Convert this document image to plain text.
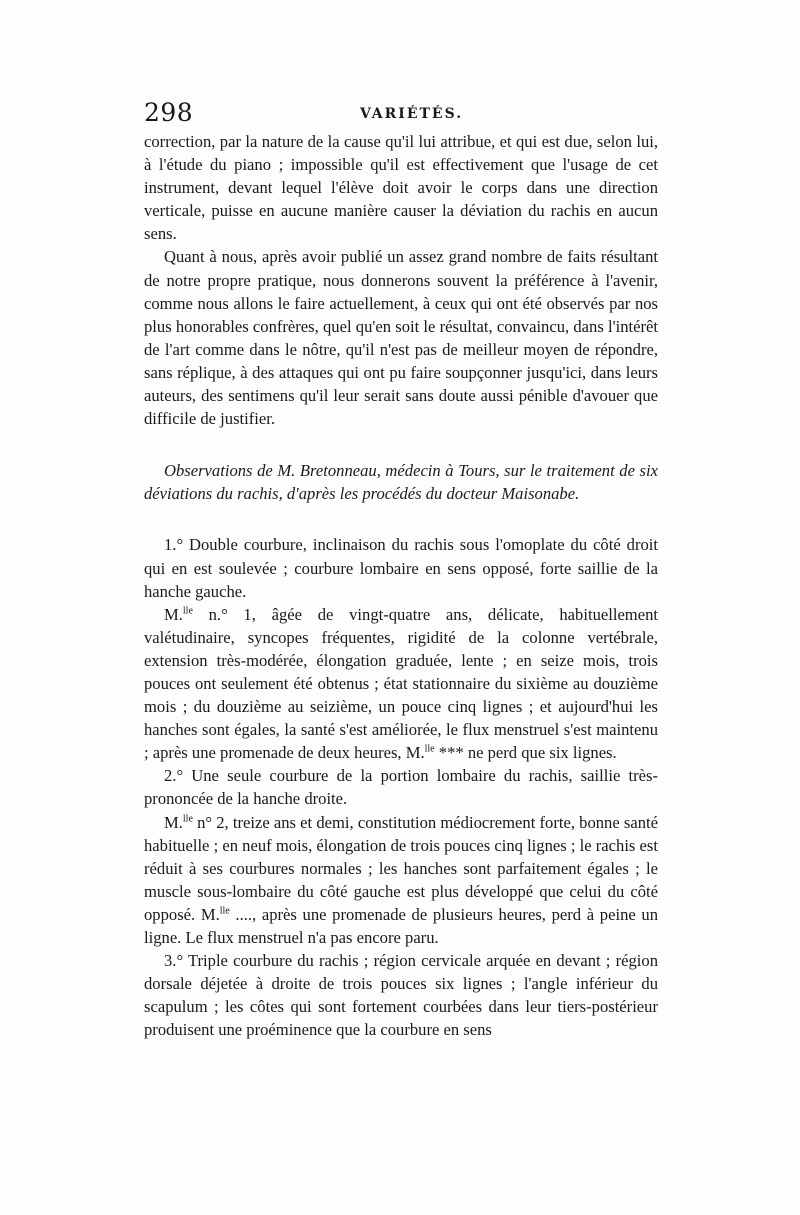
298	VARIÉTÉS.

correction, par la nature de la cause qu'il lui attribue, et qui est due, selon lui, à l'étude du piano ; impossible qu'il est effectivement que l'usage de cet instrument, devant lequel l'élève doit avoir le corps dans une direction verticale, puisse en aucune manière causer la déviation du rachis en aucun sens.

Quant à nous, après avoir publié un assez grand nombre de faits résultant de notre propre pratique, nous donnerons souvent la préférence à l'avenir, comme nous allons le faire actuellement, à ceux qui ont été observés par nos plus honorables confrères, quel qu'en soit le résultat, convaincu, dans l'intérêt de l'art comme dans le nôtre, qu'il n'est pas de meilleur moyen de répondre, sans réplique, à des attaques qui ont pu faire soupçonner jusqu'ici, dans leurs auteurs, des sentimens qu'il leur serait sans doute aussi pénible d'avouer que difficile de justifier.

Observations de M. Bretonneau, médecin à Tours, sur le traitement de six déviations du rachis, d'après les procédés du docteur Maisonabe.

1.° Double courbure, inclinaison du rachis sous l'omoplate du côté droit qui en est soulevée ; courbure lombaire en sens opposé, forte saillie de la hanche gauche.

M.$^{lle}$ n.° 1, âgée de vingt-quatre ans, délicate, habituellement valétudinaire, syncopes fréquentes, rigidité de la colonne vertébrale, extension très-modérée, élongation graduée, lente ; en seize mois, trois pouces ont seulement été obtenus ; état stationnaire du sixième au douzième mois ; du douzième au seizième, un pouce cinq lignes ; et aujourd'hui les hanches sont égales, la santé s'est améliorée, le flux menstruel s'est maintenu ; après une promenade de deux heures, M.$^{lle}$ *** ne perd que six lignes.

2.° Une seule courbure de la portion lombaire du rachis, saillie très-prononcée de la hanche droite.

M.$^{lle}$ n° 2, treize ans et demi, constitution médiocrement forte, bonne santé habituelle ; en neuf mois, élongation de trois pouces cinq lignes ; le rachis est réduit à ses courbures normales ; les hanches sont parfaitement égales ; le muscle sous-lombaire du côté gauche est plus développé que celui du côté opposé. M.$^{lle}$ ...., après une promenade de plusieurs heures, perd à peine un ligne. Le flux menstruel n'a pas encore paru.

3.° Triple courbure du rachis ; région cervicale arquée en devant ; région dorsale déjetée à droite de trois pouces six lignes ; l'angle inférieur du scapulum ; les côtes qui sont fortement courbées dans leur tiers-postérieur produisent une proéminence que la courbure en sens
